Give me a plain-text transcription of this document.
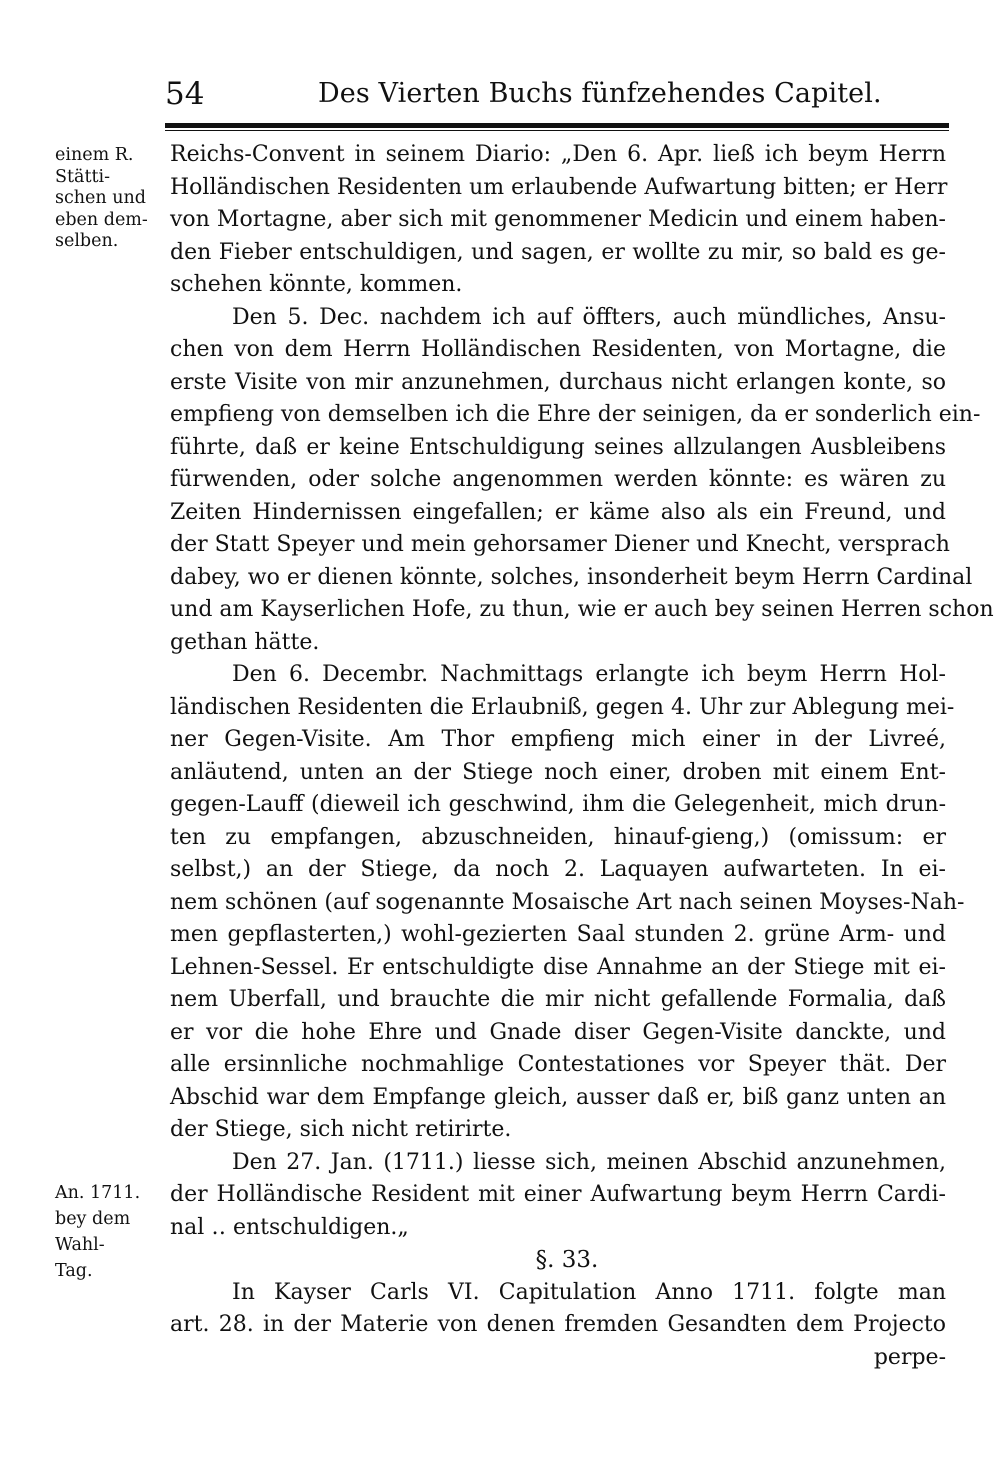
54	Des Vierten Buchs fünfzehendes Capitel.
einem R.
Stätti-
schen und
eben dem-
selben.
An. 1711.
bey dem
Wahl-
Tag.
Reichs-Convent in seinem Diario: „Den 6. Apr. ließ ich beym Herrn
Holländischen Residenten um erlaubende Aufwartung bitten; er Herr
von Mortagne, aber sich mit genommener Medicin und einem haben-
den Fieber entschuldigen, und sagen, er wollte zu mir, so bald es ge-
schehen könnte, kommen.
Den 5. Dec. nachdem ich auf öffters, auch mündliches, Ansu-
chen von dem Herrn Holländischen Residenten, von Mortagne, die
erste Visite von mir anzunehmen, durchaus nicht erlangen konte, so
empfieng von demselben ich die Ehre der seinigen, da er sonderlich ein-
führte, daß er keine Entschuldigung seines allzulangen Ausbleibens
fürwenden, oder solche angenommen werden könnte: es wären zu
Zeiten Hindernissen eingefallen; er käme also als ein Freund, und
der Statt Speyer und mein gehorsamer Diener und Knecht, versprach
dabey, wo er dienen könnte, solches, insonderheit beym Herrn Cardinal
und am Kayserlichen Hofe, zu thun, wie er auch bey seinen Herren schon
gethan hätte.
Den 6. Decembr. Nachmittags erlangte ich beym Herrn Hol-
ländischen Residenten die Erlaubniß, gegen 4. Uhr zur Ablegung mei-
ner Gegen-Visite. Am Thor empfieng mich einer in der Livreé,
anläutend, unten an der Stiege noch einer, droben mit einem Ent-
gegen-Lauff (dieweil ich geschwind, ihm die Gelegenheit, mich drun-
ten zu empfangen, abzuschneiden, hinauf-gieng,) (omissum: er
selbst,) an der Stiege, da noch 2. Laquayen aufwarteten. In ei-
nem schönen (auf sogenannte Mosaische Art nach seinen Moyses-Nah-
men gepflasterten,) wohl-gezierten Saal stunden 2. grüne Arm- und
Lehnen-Sessel. Er entschuldigte dise Annahme an der Stiege mit ei-
nem Uberfall, und brauchte die mir nicht gefallende Formalia, daß
er vor die hohe Ehre und Gnade diser Gegen-Visite danckte, und
alle ersinnliche nochmahlige Contestationes vor Speyer thät. Der
Abschid war dem Empfange gleich, ausser daß er, biß ganz unten an
der Stiege, sich nicht retirirte.
Den 27. Jan. (1711.) liesse sich, meinen Abschid anzunehmen,
der Holländische Resident mit einer Aufwartung beym Herrn Cardi-
nal ‥ entschuldigen.„
§. 33.
In Kayser Carls VI. Capitulation Anno 1711. folgte man
art. 28. in der Materie von denen fremden Gesandten dem Projecto
perpe-
